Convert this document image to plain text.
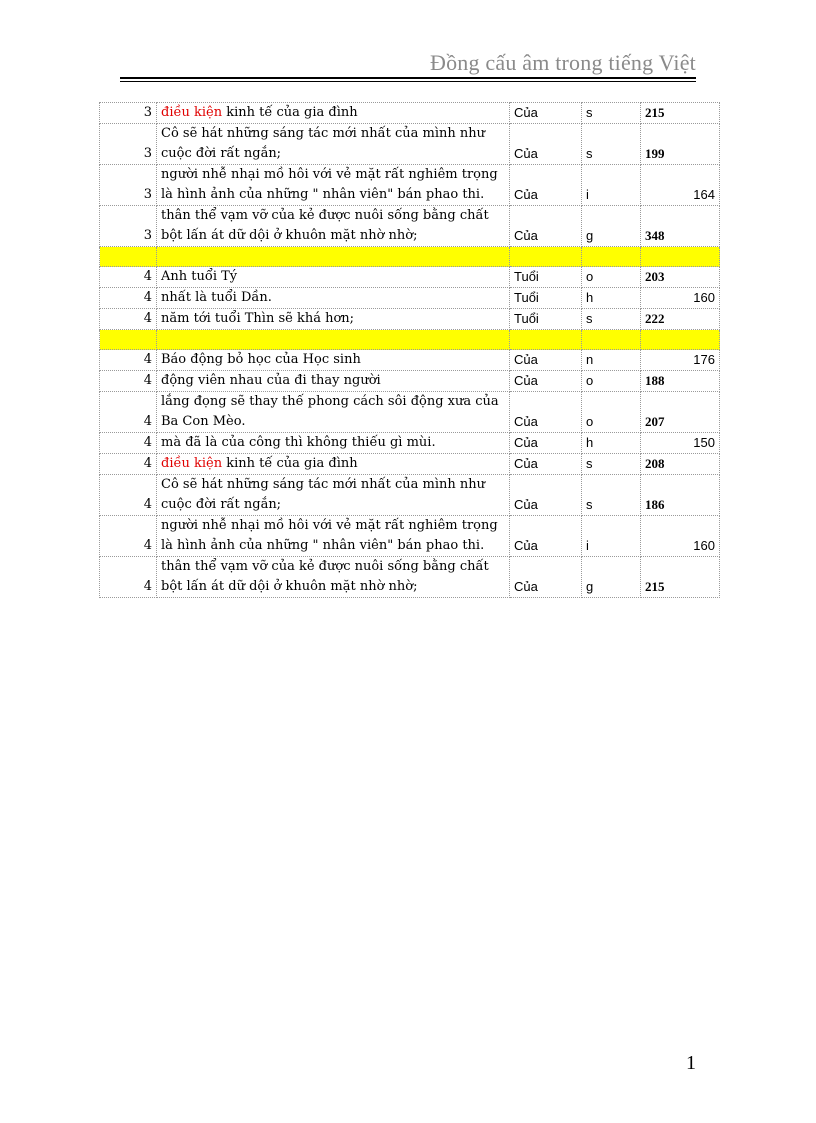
Đồng cấu âm trong tiếng Việt
3	điều kiện kinh tế của gia đình	Của	s	215
3	Cô sẽ hát những sáng tác mới nhất của mình như cuộc đời rất ngắn;	Của	s	199
3	người nhễ nhại mồ hôi với vẻ mặt rất nghiêm trọng là hình ảnh của những " nhân viên" bán phao thi.	Của	i	164
3	thân thể vạm vỡ của kẻ được nuôi sống bằng chất bột lấn át dữ dội ở khuôn mặt nhờ nhờ;	Của	g	348

4	Anh tuổi Tý	Tuổi	o	203
4	nhất là tuổi Dần.	Tuổi	h	160
4	năm tới tuổi Thìn sẽ khá hơn;	Tuổi	s	222

4	Báo động bỏ học của Học sinh	Của	n	176
4	động viên nhau của đi thay người	Của	o	188
4	lắng đọng sẽ thay thế phong cách sôi động xưa của Ba Con Mèo.	Của	o	207
4	mà đã là của công thì không thiếu gì mùi.	Của	h	150
4	điều kiện kinh tế của gia đình	Của	s	208
4	Cô sẽ hát những sáng tác mới nhất của mình như cuộc đời rất ngắn;	Của	s	186
4	người nhễ nhại mồ hôi với vẻ mặt rất nghiêm trọng là hình ảnh của những " nhân viên" bán phao thi.	Của	i	160
4	thân thể vạm vỡ của kẻ được nuôi sống bằng chất bột lấn át dữ dội ở khuôn mặt nhờ nhờ;	Của	g	215
1
